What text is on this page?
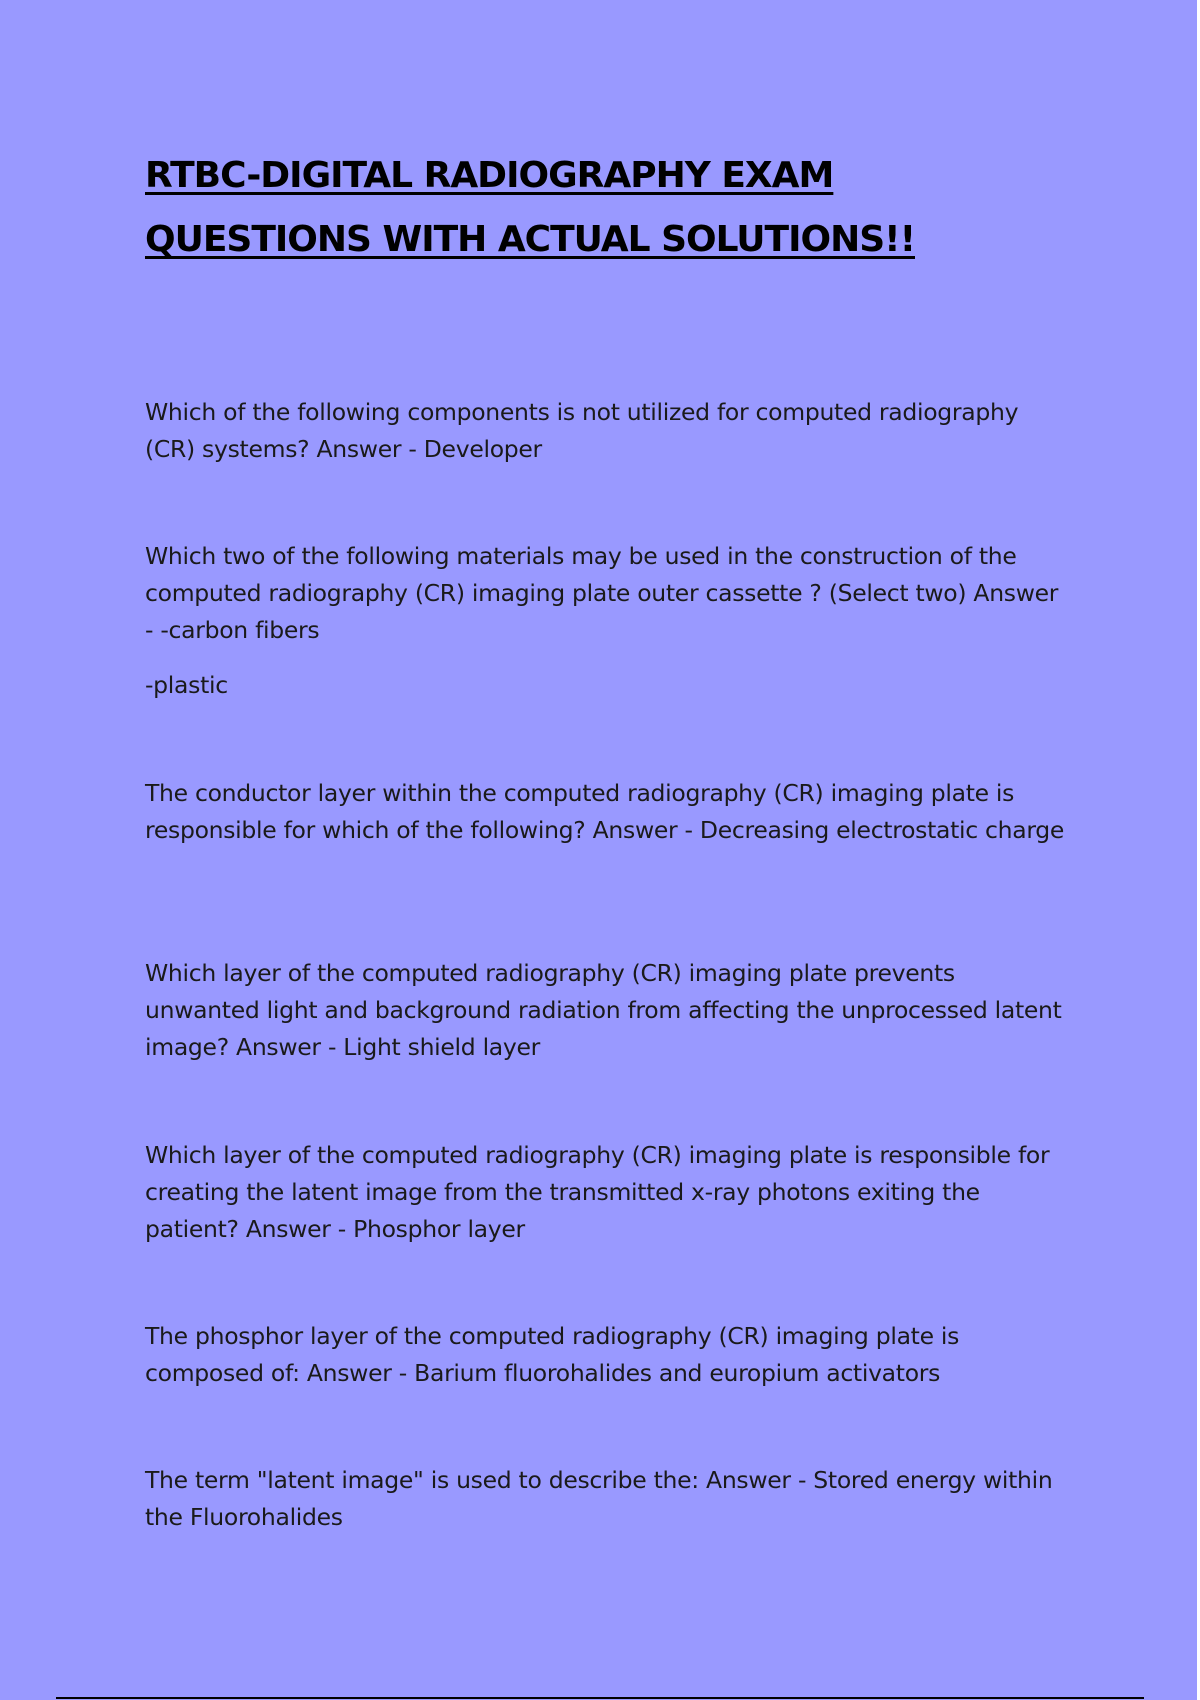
RTBC-DIGITAL RADIOGRAPHY EXAM
QUESTIONS WITH ACTUAL SOLUTIONS!!

Which of the following components is not utilized for computed radiography (CR) systems? Answer - Developer

Which two of the following materials may be used in the construction of the computed radiography (CR) imaging plate outer cassette ? (Select two) Answer - -carbon fibers

-plastic

The conductor layer within the computed radiography (CR) imaging plate is responsible for which of the following? Answer - Decreasing electrostatic charge

Which layer of the computed radiography (CR) imaging plate prevents unwanted light and background radiation from affecting the unprocessed latent image? Answer - Light shield layer

Which layer of the computed radiography (CR) imaging plate is responsible for creating the latent image from the transmitted x-ray photons exiting the patient? Answer - Phosphor layer

The phosphor layer of the computed radiography (CR) imaging plate is composed of: Answer - Barium fluorohalides and europium activators

The term "latent image" is used to describe the: Answer - Stored energy within the Fluorohalides
